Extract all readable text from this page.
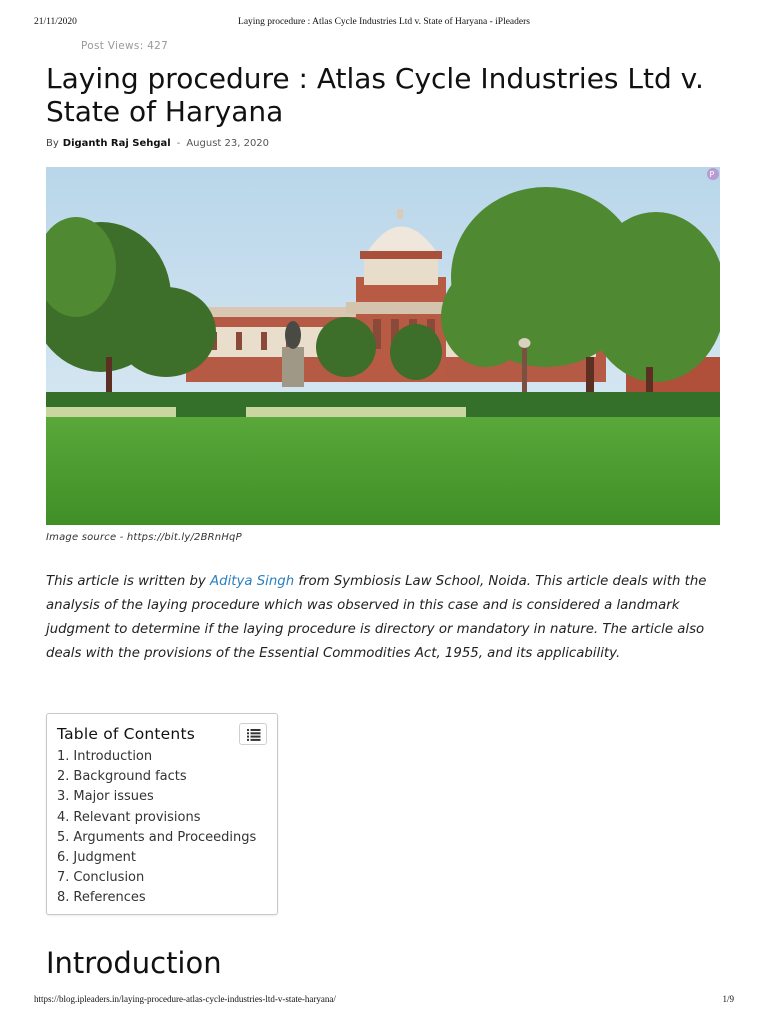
21/11/2020	Laying procedure : Atlas Cycle Industries Ltd v. State of Haryana - iPleaders
Post Views: 427
Laying procedure : Atlas Cycle Industries Ltd v. State of Haryana
By Diganth Raj Sehgal - August 23, 2020
P
Image source - https://bit.ly/2BRnHqP

This article is written by Aditya Singh from Symbiosis Law School, Noida. This article deals with the analysis of the laying procedure which was observed in this case and is considered a landmark judgment to determine if the laying procedure is directory or mandatory in nature. The article also deals with the provisions of the Essential Commodities Act, 1955, and its applicability.

Table of Contents
1. Introduction
2. Background facts
3. Major issues
4. Relevant provisions
5. Arguments and Proceedings
6. Judgment
7. Conclusion
8. References
Introduction
https://blog.ipleaders.in/laying-procedure-atlas-cycle-industries-ltd-v-state-haryana/	1/9
